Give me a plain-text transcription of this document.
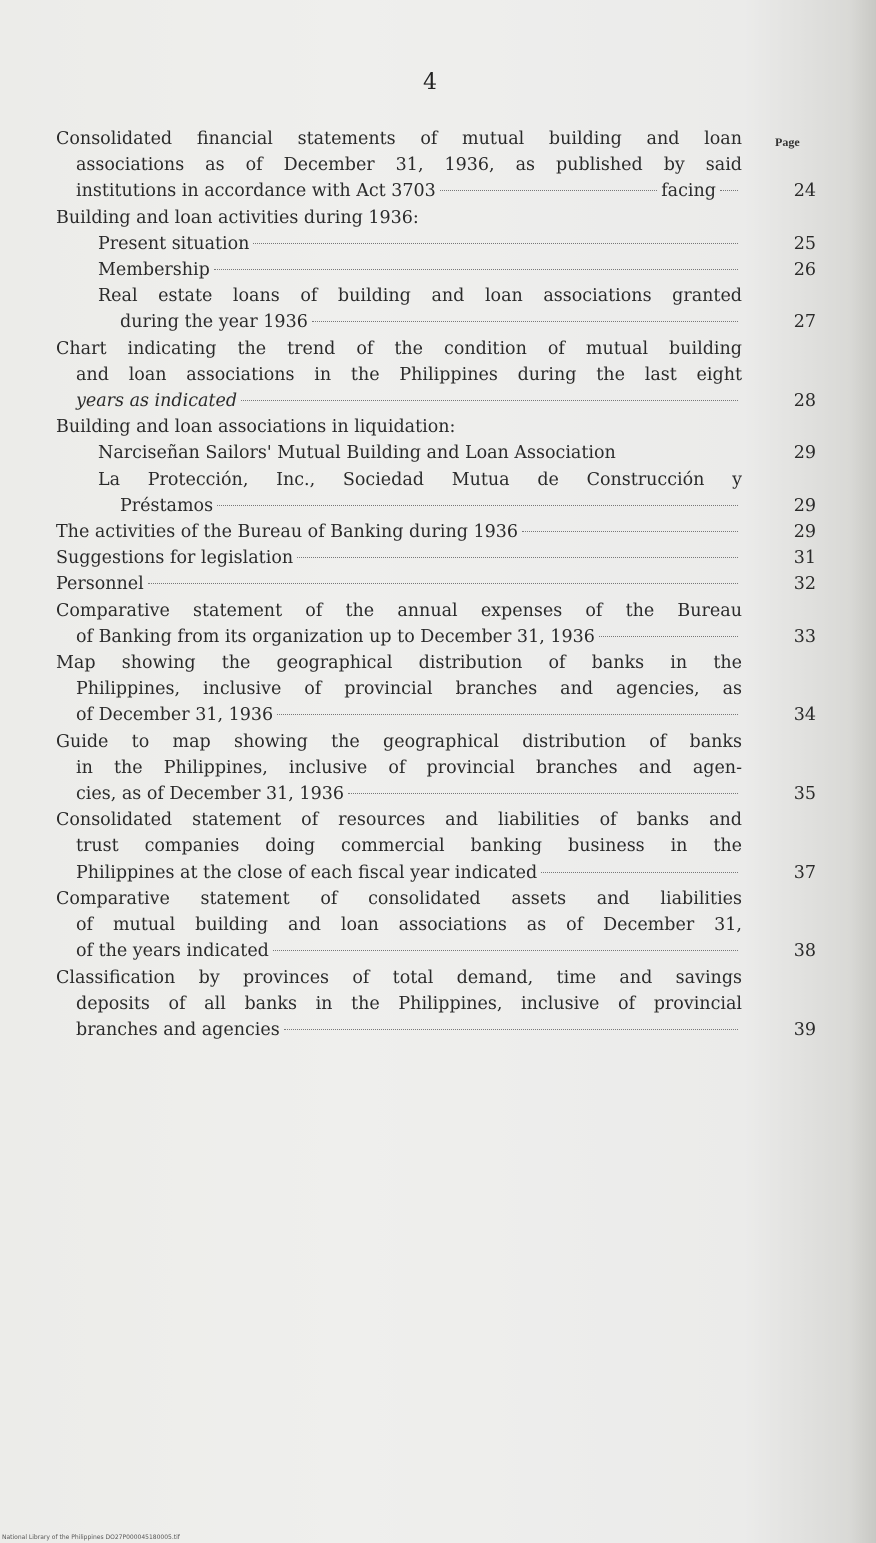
4
Page
Consolidated financial statements of mutual building and loan
associations as of December 31, 1936, as published by said
institutions in accordance with Act 3703	facing	24
Building and loan activities during 1936:
Present situation	25
Membership	26
Real estate loans of building and loan associations granted
during the year 1936	27
Chart indicating the trend of the condition of mutual building
and loan associations in the Philippines during the last eight
years as indicated	28
Building and loan associations in liquidation:
Narciseñan Sailors' Mutual Building and Loan Association	29
La Protección, Inc., Sociedad Mutua de Construcción y
Préstamos	29
The activities of the Bureau of Banking during 1936	29
Suggestions for legislation	31
Personnel	32
Comparative statement of the annual expenses of the Bureau
of Banking from its organization up to December 31, 1936	33
Map showing the geographical distribution of banks in the
Philippines, inclusive of provincial branches and agencies, as
of December 31, 1936	34
Guide to map showing the geographical distribution of banks
in the Philippines, inclusive of provincial branches and agen-
cies, as of December 31, 1936	35
Consolidated statement of resources and liabilities of banks and
trust companies doing commercial banking business in the
Philippines at the close of each fiscal year indicated	37
Comparative statement of consolidated assets and liabilities
of mutual building and loan associations as of December 31,
of the years indicated	38
Classification by provinces of total demand, time and savings
deposits of all banks in the Philippines, inclusive of provincial
branches and agencies	39
National Library of the Philippines DO27P000045180005.tif
